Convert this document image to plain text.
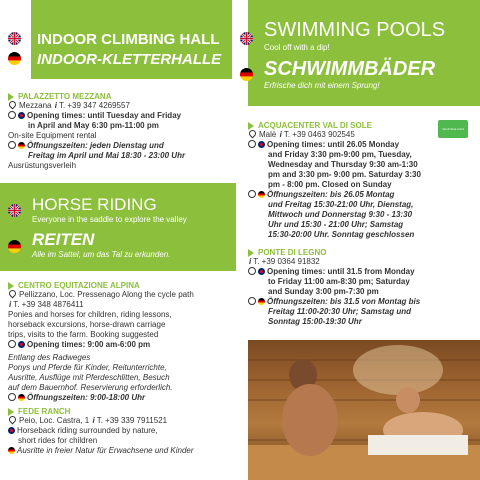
INDOOR CLIMBING HALL
INDOOR-KLETTERHALLE
PALAZZETTO MEZZANA
Mezzana i T. +39 347 4269557
Opening times: until Tuesday and Friday
in April and May 6:30 pm-11:00 pm
On-site Equipment rental
Öffnungszeiten: jeden Dienstag und
Freitag im April und Mai 18:30 - 23:00 Uhr
Ausrüstungsverleih
HORSE RIDING
Everyone in the saddle to explore the valley
REITEN
Alle im Sattel, um das Tal zu erkunden.
CENTRO EQUITAZIONE ALPINA
Pellizzano, Loc. Pressenago Along the cycle path
i T. +39 348 4876411
Ponies and horses for children, riding lessons,
horseback excursions, horse-drawn carriage
trips, visits to the farm. Booking suggested
Opening times: 9:00 am-6:00 pm
Entlang des Radweges
Ponys und Pferde für Kinder, Reitunterrichte,
Ausritte, Ausflüge mit Pferdeschlitten, Besuch
auf dem Bauernhof. Reservierung erforderlich.
Öffnungszeiten: 9:00-18:00 Uhr
FEDE RANCH
Peio, Loc. Castra, 1 i T. +39 339 7911521
Horseback riding surrounded by nature,
short rides for children
Ausritte in freier Natur für Erwachsene und Kinder
SWIMMING POOLS
Cool off with a dip!
SCHWIMMBÄDER
Erfrische dich mit einem Sprung!
ACQUACENTER VAL DI SOLE
Malè i T. +39 0463 902545
Opening times: until 26.05 Monday
and Friday 3:30 pm-9:00 pm, Tuesday,
Wednesday and Thursday 9:30 am-1:30
pm and 3:30 pm- 9:00 pm. Saturday 3:30
pm - 8:00 pm. Closed on Sunday
Öffnungszeiten: bis 26.05 Montag
und Freitag 15:30-21:00 Uhr, Dienstag,
Mittwoch und Donnerstag 9:30 - 13:30
Uhr und 15:30 - 21:00 Uhr; Samstag
15:30-20:00 Uhr. Sonntag geschlossen
Val di Sole Card
PONTE DI LEGNO
i T. +39 0364 91832
Opening times: until 31.5 from Monday
to Friday 11:00 am-8:30 pm; Saturday
and Sunday 3:00 pm-7:30 pm
Öffnungszeiten: bis 31.5 von Montag bis
Freitag 11:00-20:30 Uhr; Samstag und
Sonntag 15:00-19:30 Uhr
